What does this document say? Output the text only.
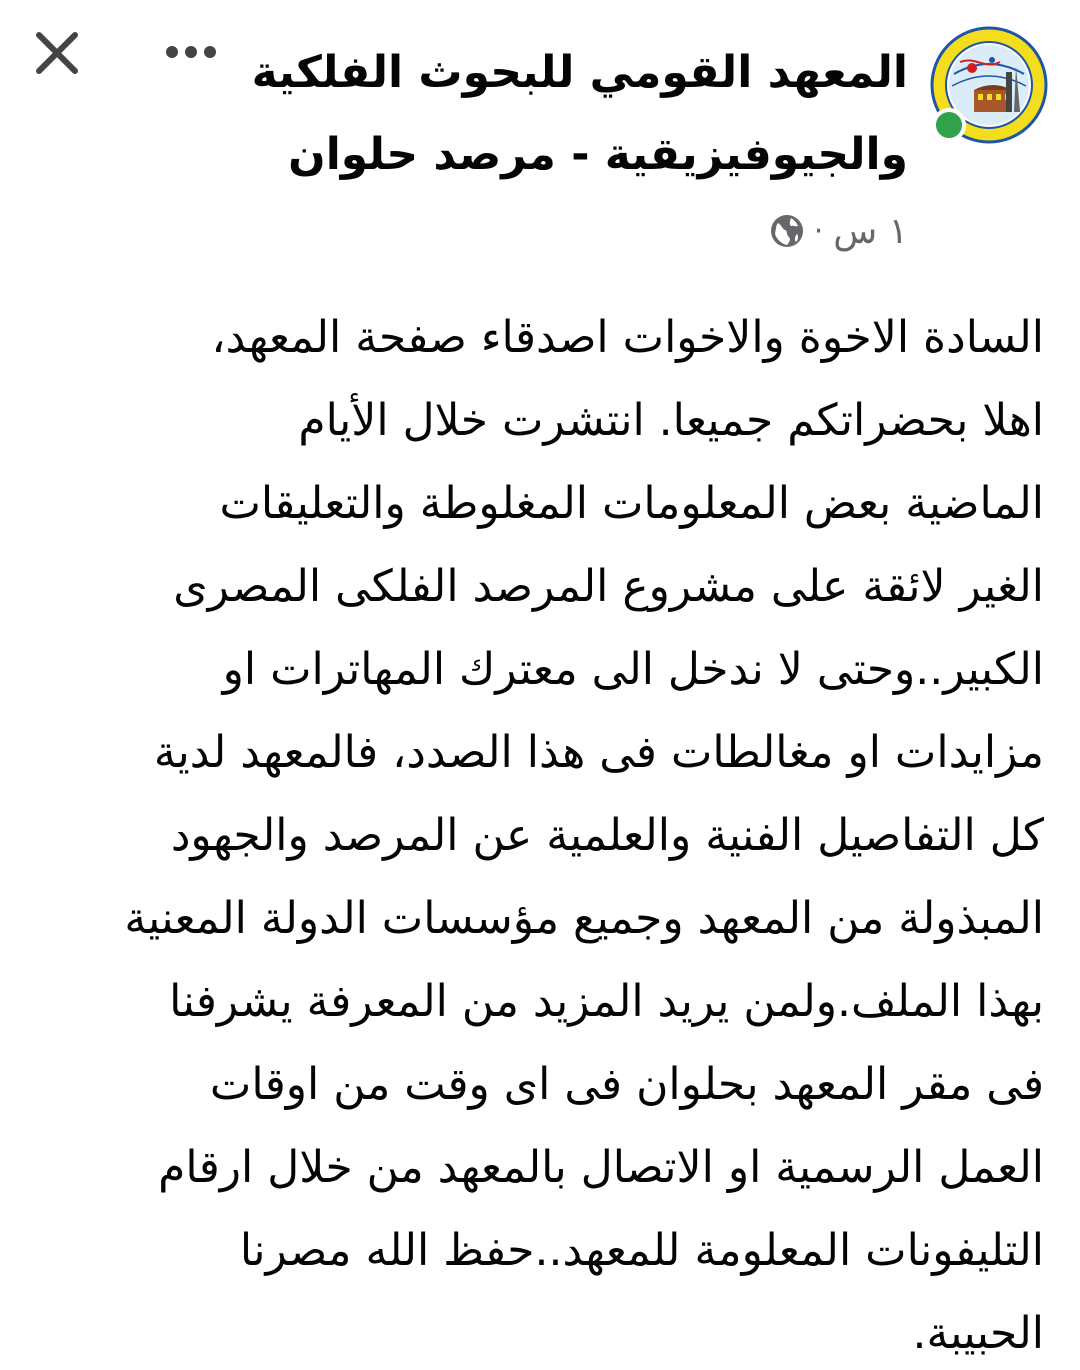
المعهد القومي للبحوث الفلكية
والجيوفيزيقية - مرصد حلوان
١ س
·
السادة الاخوة والاخوات اصدقاء صفحة المعهد،
اهلا بحضراتكم جميعا. انتشرت خلال الأيام
الماضية بعض المعلومات المغلوطة والتعليقات
الغير لائقة على مشروع المرصد الفلكى المصرى
الكبير..وحتى لا ندخل الى معترك المهاترات او
مزايدات او مغالطات فى هذا الصدد، فالمعهد لدية
كل التفاصيل الفنية والعلمية عن المرصد والجهود
المبذولة من المعهد وجميع مؤسسات الدولة المعنية
بهذا الملف.ولمن يريد المزيد من المعرفة يشرفنا
فى مقر المعهد بحلوان فى اى وقت من اوقات
العمل الرسمية او الاتصال بالمعهد من خلال ارقام
التليفونات المعلومة للمعهد..حفظ الله مصرنا
الحبيبة.
